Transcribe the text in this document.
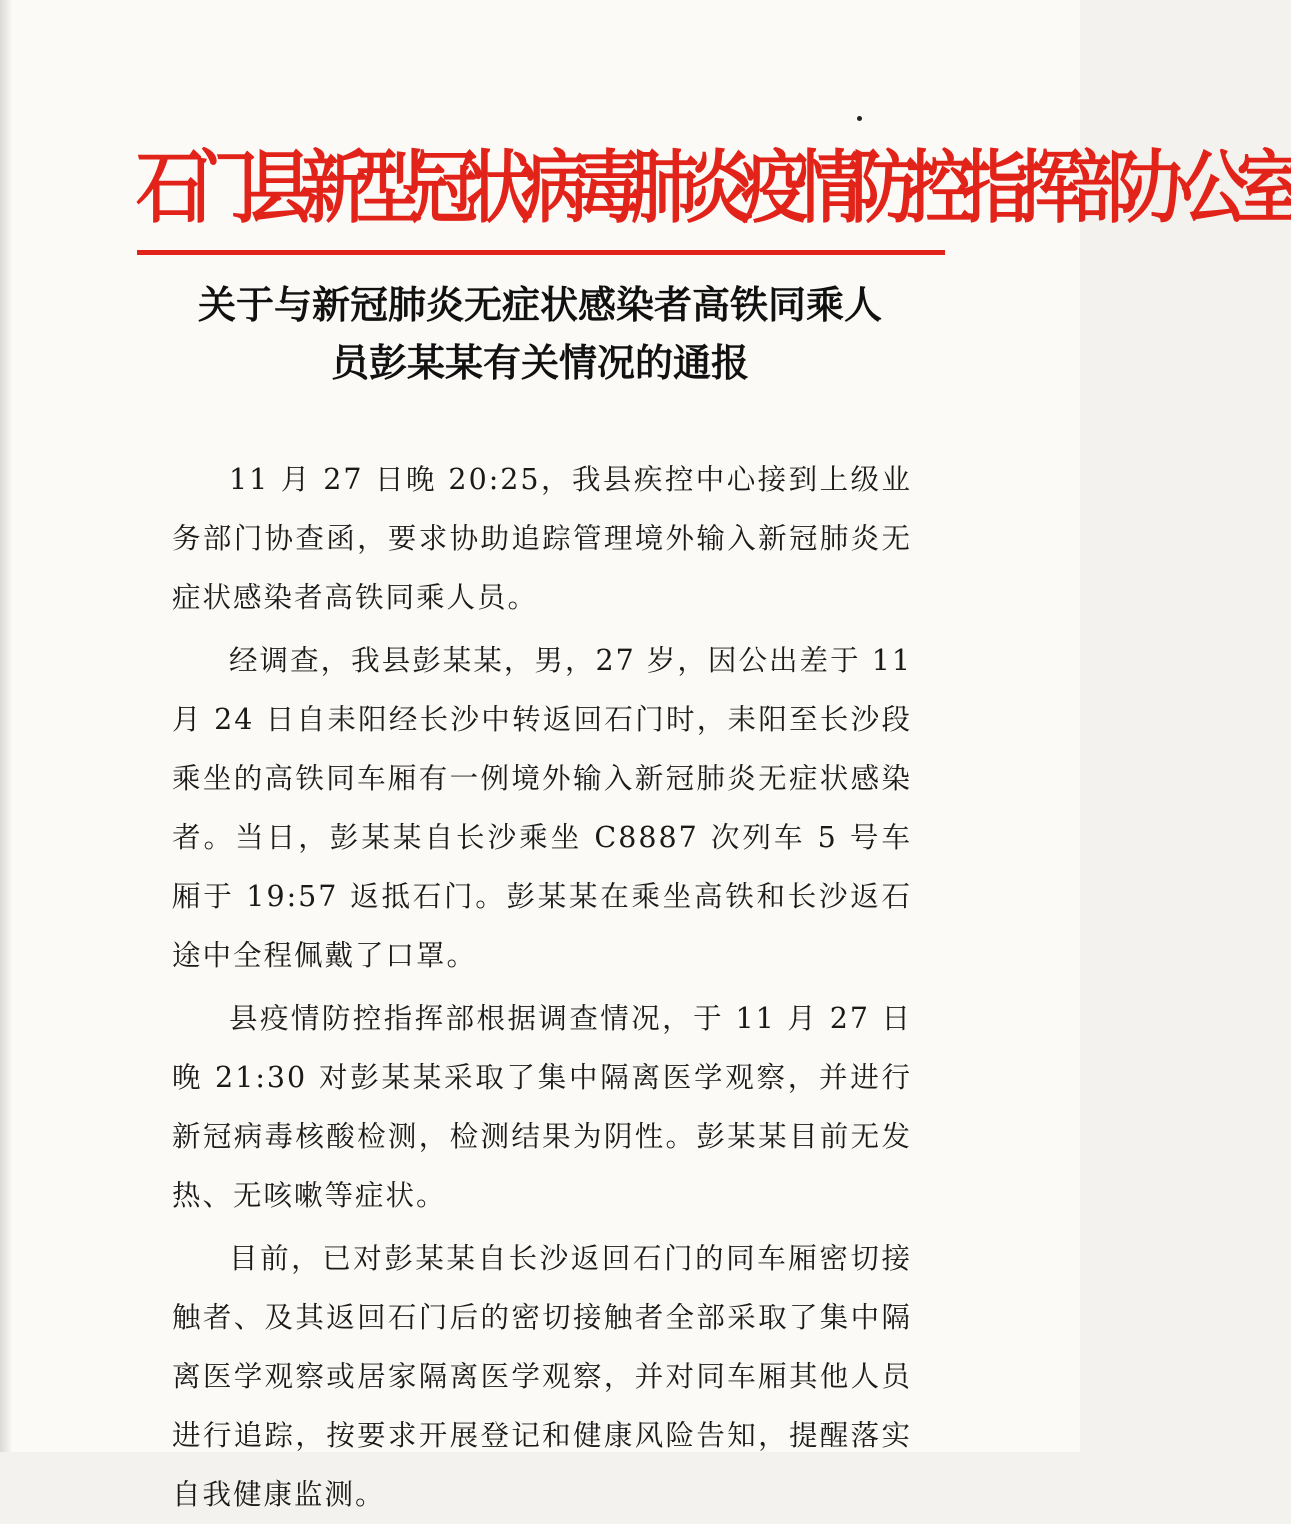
石门县新型冠状病毒肺炎疫情防控指挥部办公室
关于与新冠肺炎无症状感染者高铁同乘人
员彭某某有关情况的通报

11 月 27 日晚 20:25，我县疾控中心接到上级业务部门协查函，要求协助追踪管理境外输入新冠肺炎无症状感染者高铁同乘人员。

经调查，我县彭某某，男，27 岁，因公出差于 11 月 24 日自耒阳经长沙中转返回石门时，耒阳至长沙段乘坐的高铁同车厢有一例境外输入新冠肺炎无症状感染者。当日，彭某某自长沙乘坐 C8887 次列车 5 号车厢于 19:57 返抵石门。彭某某在乘坐高铁和长沙返石途中全程佩戴了口罩。

县疫情防控指挥部根据调查情况，于 11 月 27 日晚 21:30 对彭某某采取了集中隔离医学观察，并进行新冠病毒核酸检测，检测结果为阴性。彭某某目前无发热、无咳嗽等症状。

目前，已对彭某某自长沙返回石门的同车厢密切接触者、及其返回石门后的密切接触者全部采取了集中隔离医学观察或居家隔离医学观察，并对同车厢其他人员进行追踪，按要求开展登记和健康风险告知，提醒落实自我健康监测。
